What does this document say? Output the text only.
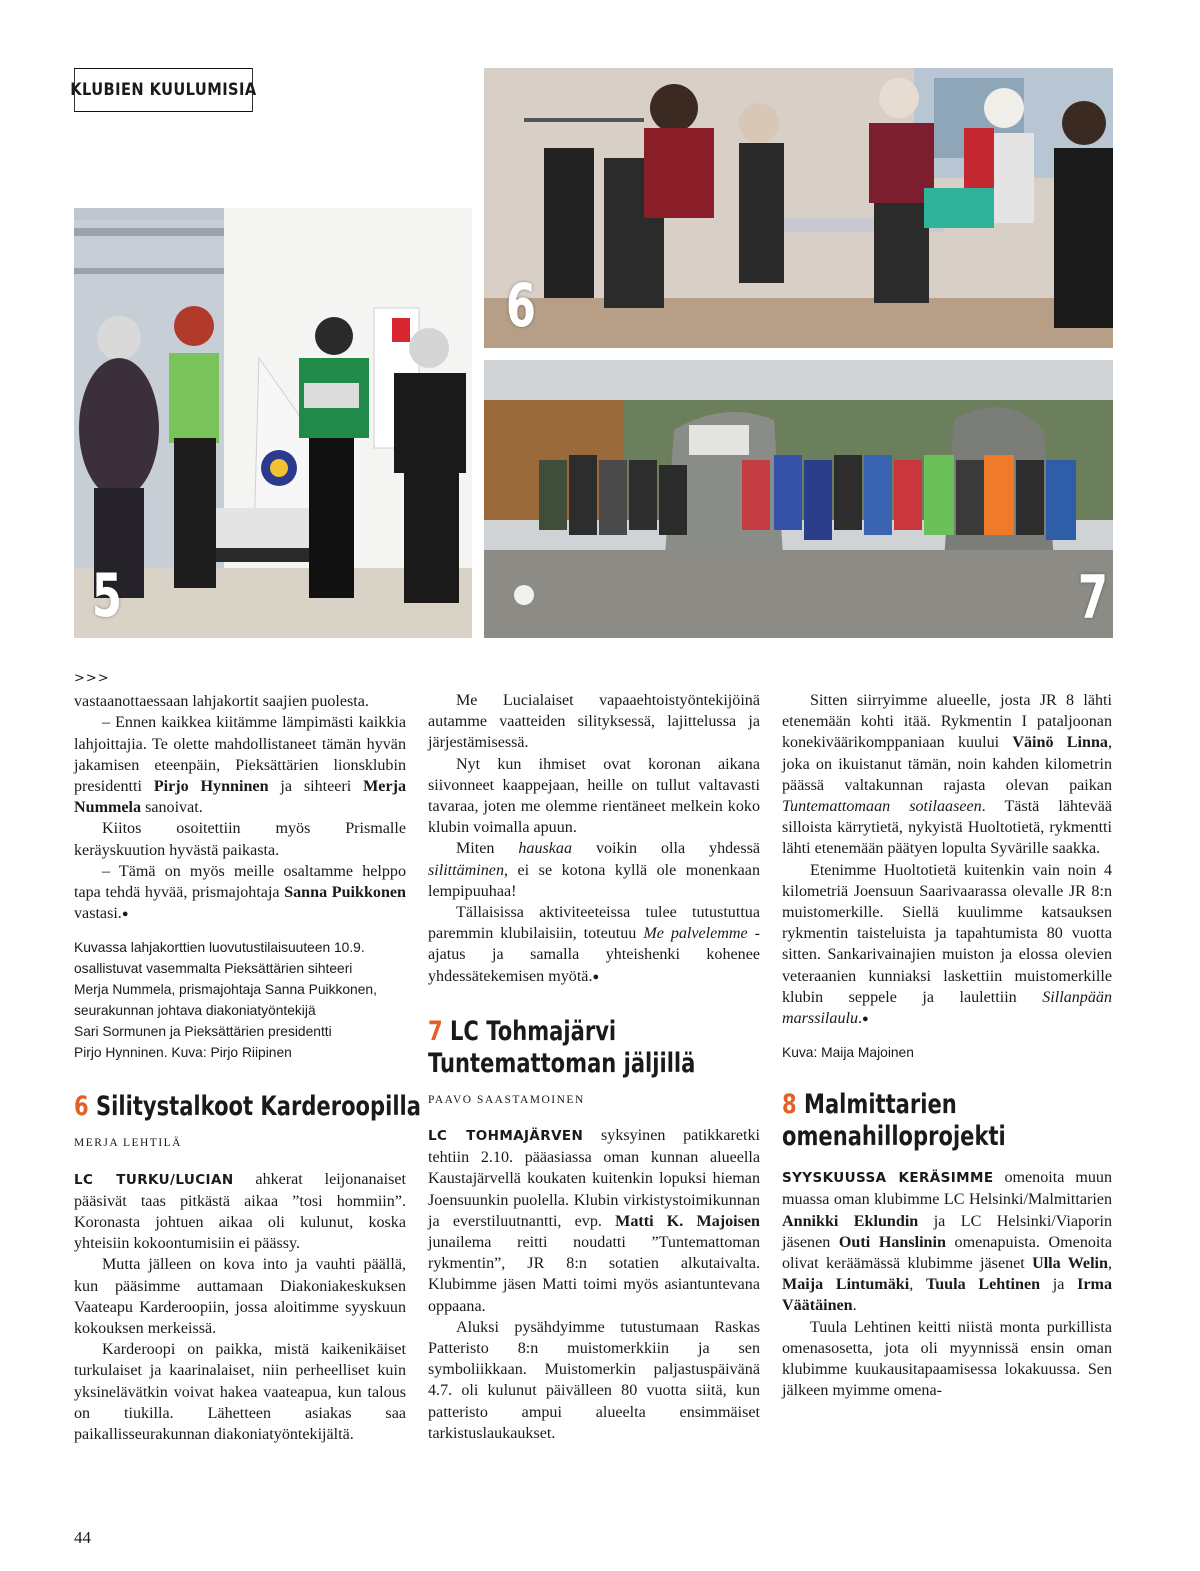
KLUBIEN KUULUMISIA
5
6
7
>>>

vastaanottaessaan lahjakortit saajien puolesta.

– Ennen kaikkea kiitämme lämpimästi kaikkia lahjoittajia. Te olette mahdollistaneet tämän hyvän jakamisen eteenpäin, Pieksättärien lionsklubin presidentti Pirjo Hynninen ja sihteeri Merja Nummela sanoivat.

Kiitos osoitettiin myös Prismalle keräyskuution hyvästä paikasta.

– Tämä on myös meille osaltamme helppo tapa tehdä hyvää, prismajohtaja Sanna Puikkonen vastasi.●

Kuvassa lahjakorttien luovutustilaisuuteen 10.9.
osallistuvat vasemmalta Pieksättärien sihteeri
Merja Nummela, prismajohtaja Sanna Puikkonen,
seurakunnan johtava diakoniatyöntekijä
Sari Sormunen ja Pieksättärien presidentti
Pirjo Hynninen. Kuva: Pirjo Riipinen
6 Silitystalkoot Karderoopilla
MERJA LEHTILÄ

LC TURKU/LUCIAN ahkerat leijonanaiset pääsivät taas pitkästä aikaa ”tosi hommiin”. Koronasta johtuen aikaa oli kulunut, koska yhteisiin kokoontumisiin ei päässy.

Mutta jälleen on kova into ja vauhti päällä, kun pääsimme auttamaan Diakoniakeskuksen Vaateapu Karderoopiin, jossa aloitimme syyskuun kokouksen merkeissä.

Karderoopi on paikka, mistä kaikenikäiset turkulaiset ja kaarinalaiset, niin perheelliset kuin yksinelävätkin voivat hakea vaateapua, kun talous on tiukilla. Lähetteen asiakas saa paikallisseurakunnan diakoniatyöntekijältä.

Me Lucialaiset vapaaehtoistyöntekijöinä autamme vaatteiden silityksessä, lajittelussa ja järjestämisessä.

Nyt kun ihmiset ovat koronan aikana siivonneet kaappejaan, heille on tullut valtavasti tavaraa, joten me olemme rientäneet melkein koko klubin voimalla apuun.

Miten hauskaa voikin olla yhdessä silittäminen, ei se kotona kyllä ole monenkaan lempipuuhaa!

Tällaisissa aktiviteeteissa tulee tutustuttua paremmin klubilaisiin, toteutuu Me palvelemme -ajatus ja samalla yhteishenki kohenee yhdessätekemisen myötä.●

7 LC Tohmajärvi
Tuntemattoman jäljillä
PAAVO SAASTAMOINEN

LC TOHMAJÄRVEN syksyinen patikkaretki tehtiin 2.10. pääasiassa oman kunnan alueella Kaustajärvellä koukaten kuitenkin lopuksi hieman Joensuunkin puolella. Klubin virkistystoimikunnan ja everstiluutnantti, evp. Matti K. Majoisen junailema reitti noudatti ”Tuntemattoman rykmentin”, JR 8:n sotatien alkutaivalta. Klubimme jäsen Matti toimi myös asiantuntevana oppaana.

Aluksi pysähdyimme tutustumaan Raskas Patteristo 8:n muistomerkkiin ja sen symboliikkaan. Muistomerkin paljastuspäivänä 4.7. oli kulunut päivälleen 80 vuotta siitä, kun patteristo ampui alueelta ensimmäiset tarkistuslaukaukset.

Sitten siirryimme alueelle, josta JR 8 lähti etenemään kohti itää. Rykmentin I pataljoonan konekiväärikomppaniaan kuului Väinö Linna, joka on ikuistanut tämän, noin kahden kilometrin päässä valtakunnan rajasta olevan paikan Tuntemattomaan sotilaaseen. Tästä lähtevää silloista kärrytietä, nykyistä Huoltotietä, rykmentti lähti etenemään päätyen lopulta Syvärille saakka.

Etenimme Huoltotietä kuitenkin vain noin 4 kilometriä Joensuun Saarivaarassa olevalle JR 8:n muistomerkille. Siellä kuulimme katsauksen rykmentin taisteluista ja tapahtumista 80 vuotta sitten. Sankarivainajien muiston ja elossa olevien veteraanien kunniaksi laskettiin muistomerkille klubin seppele ja laulettiin Sillanpään marssilaulu.●

Kuva: Maija Majoinen
8 Malmittarien
omenahilloprojekti

SYYSKUUSSA KERÄSIMME omenoita muun muassa oman klubimme LC Helsinki/Malmittarien Annikki Eklundin ja LC Helsinki/Viaporin jäsenen Outi Hanslinin omenapuista. Omenoita olivat keräämässä klubimme jäsenet Ulla Welin, Maija Lintumäki, Tuula Lehtinen ja Irma Väätäinen.

Tuula Lehtinen keitti niistä monta purkillista omenasosetta, jota oli myynnissä ensin oman klubimme kuukausitapaamisessa lokakuussa. Sen jälkeen myimme omena-

44
